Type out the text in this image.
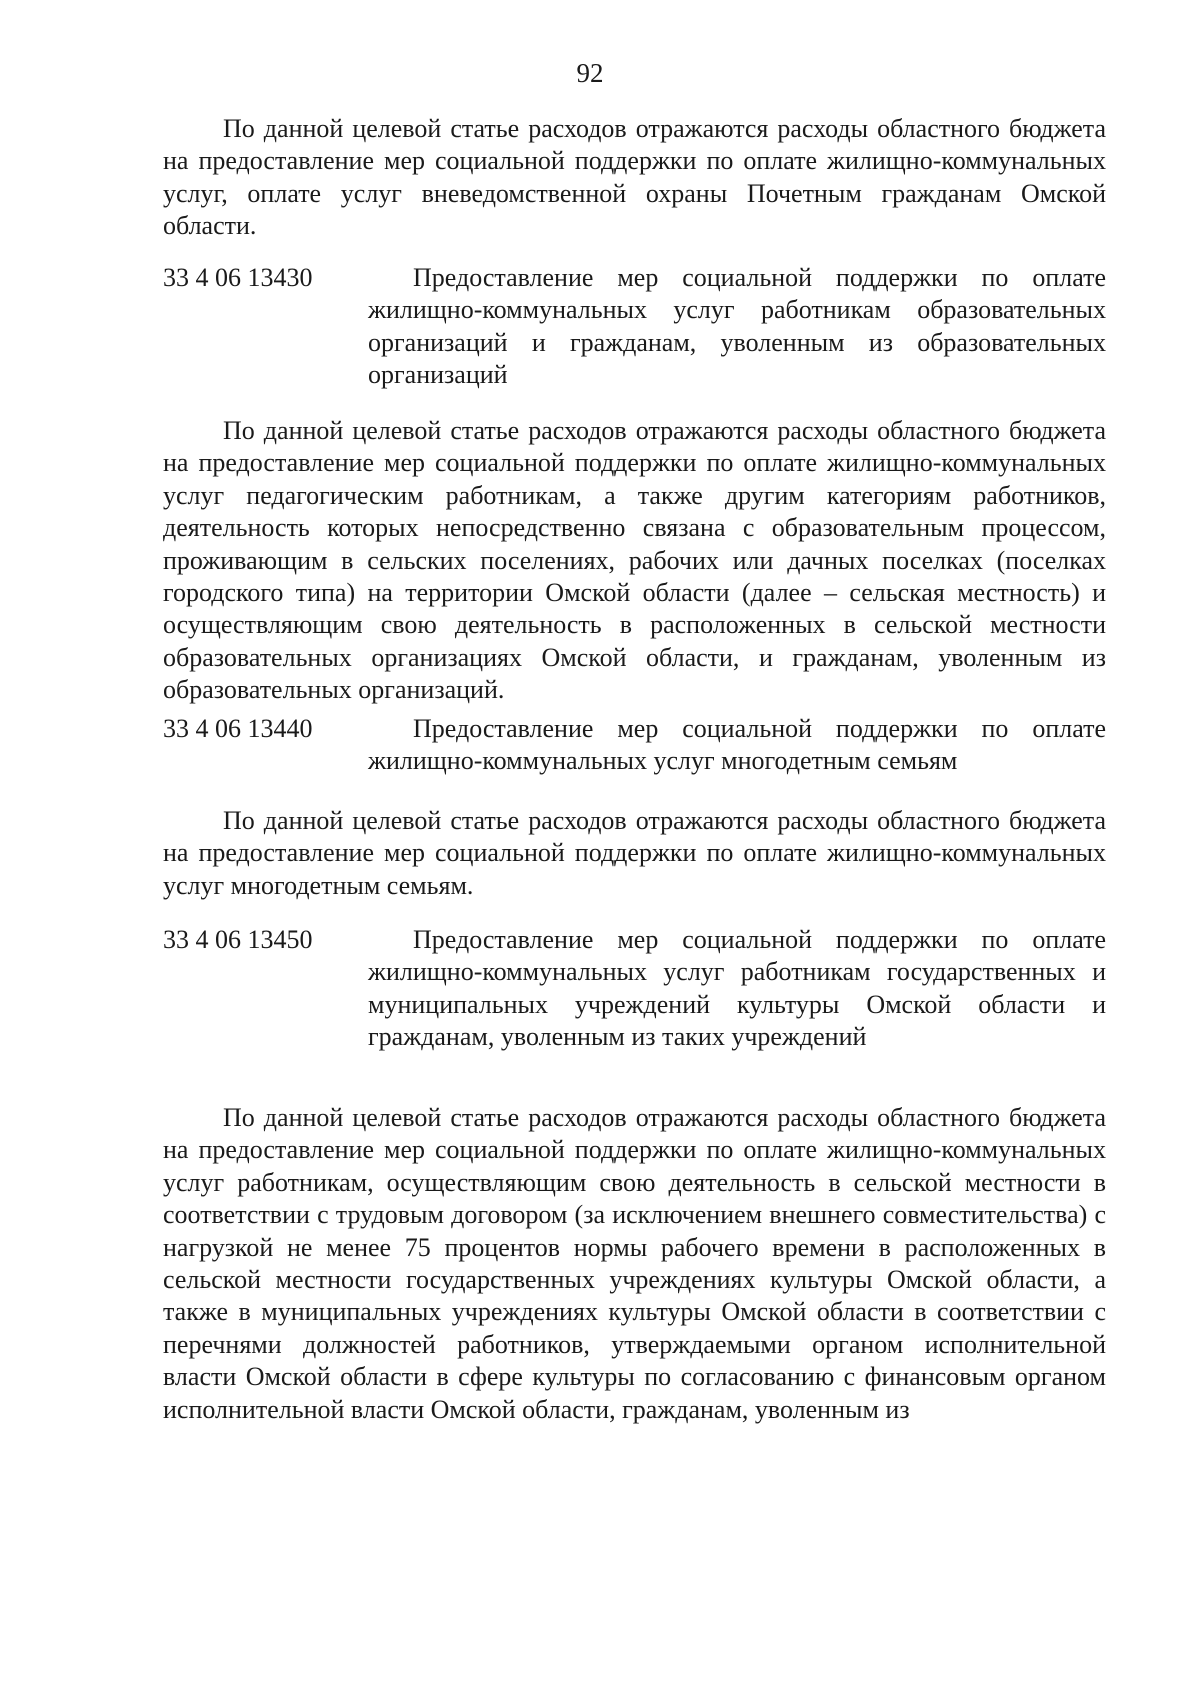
92

По данной целевой статье расходов отражаются расходы областного бюджета на предоставление мер социальной поддержки по оплате жилищно-коммунальных услуг, оплате услуг вневедомственной охраны Почетным гражданам Омской области.

33 4 06 13430	Предоставление мер социальной поддержки по оплате жилищно-коммунальных услуг работникам образовательных организаций и гражданам, уволенным из образовательных организаций

По данной целевой статье расходов отражаются расходы областного бюджета на предоставление мер социальной поддержки по оплате жилищно-коммунальных услуг педагогическим работникам, а также другим категориям работников, деятельность которых непосредственно связана с образовательным процессом, проживающим в сельских поселениях, рабочих или дачных поселках (поселках городского типа) на территории Омской области (далее – сельская местность) и осуществляющим свою деятельность в расположенных в сельской местности образовательных организациях Омской области, и гражданам, уволенным из образовательных организаций.

33 4 06 13440	Предоставление мер социальной поддержки по оплате жилищно-коммунальных услуг многодетным семьям

По данной целевой статье расходов отражаются расходы областного бюджета на предоставление мер социальной поддержки по оплате жилищно-коммунальных услуг многодетным семьям.

33 4 06 13450	Предоставление мер социальной поддержки по оплате жилищно-коммунальных услуг работникам государственных и муниципальных учреждений культуры Омской области и гражданам, уволенным из таких учреждений

По данной целевой статье расходов отражаются расходы областного бюджета на предоставление мер социальной поддержки по оплате жилищно-коммунальных услуг работникам, осуществляющим свою деятельность в сельской местности в соответствии с трудовым договором (за исключением внешнего совместительства) с нагрузкой не менее 75 процентов нормы рабочего времени в расположенных в сельской местности государственных учреждениях культуры Омской области, а также в муниципальных учреждениях культуры Омской области в соответствии с перечнями должностей работников, утверждаемыми органом исполнительной власти Омской области в сфере культуры по согласованию с финансовым органом исполнительной власти Омской области, гражданам, уволенным из
